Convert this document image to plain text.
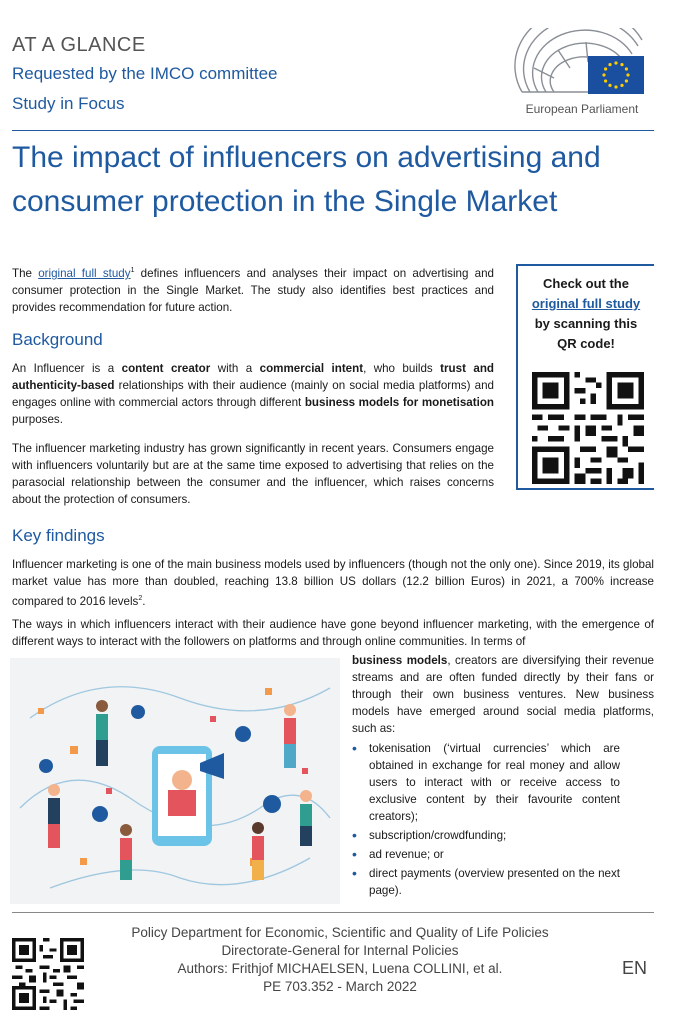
AT A GLANCE
Requested by the IMCO committee
Study in Focus	European Parliament
The impact of influencers on advertising and consumer protection in the Single Market
The original full study$^1$ defines influencers and analyses their impact on advertising and consumer protection in the Single Market. The study also identifies best practices and provides recommendation for future action.
Check out the
original full study
by scanning this QR code!
Background
An Influencer is a content creator with a commercial intent, who builds trust and authenticity-based relationships with their audience (mainly on social media platforms) and engages online with commercial actors through different business models for monetisation purposes.
The influencer marketing industry has grown significantly in recent years. Consumers engage with influencers voluntarily but are at the same time exposed to advertising that relies on the parasocial relationship between the consumer and the influencer, which raises concerns about the protection of consumers.
Key findings
Influencer marketing is one of the main business models used by influencers (though not the only one). Since 2019, its global market value has more than doubled, reaching 13.8 billion US dollars (12.2 billion Euros) in 2021, a 700% increase compared to 2016 levels$^2$.
The ways in which influencers interact with their audience have gone beyond influencer marketing, with the emergence of different ways to interact with the followers on platforms and through online communities. In terms of
business models, creators are diversifying their revenue streams and are often funded directly by their fans or through their own business ventures. New business models have emerged around social media platforms, such as:
• tokenisation (‘virtual currencies’ which are obtained in exchange for real money and allow users to interact with or receive access to exclusive content by their favourite content creators);
• subscription/crowdfunding;
• ad revenue; or
• direct payments (overview presented on the next page).
Policy Department for Economic, Scientific and Quality of Life Policies
Directorate-General for Internal Policies
Authors: Frithjof MICHAELSEN, Luena COLLINI, et al.
PE 703.352 - March 2022
EN
